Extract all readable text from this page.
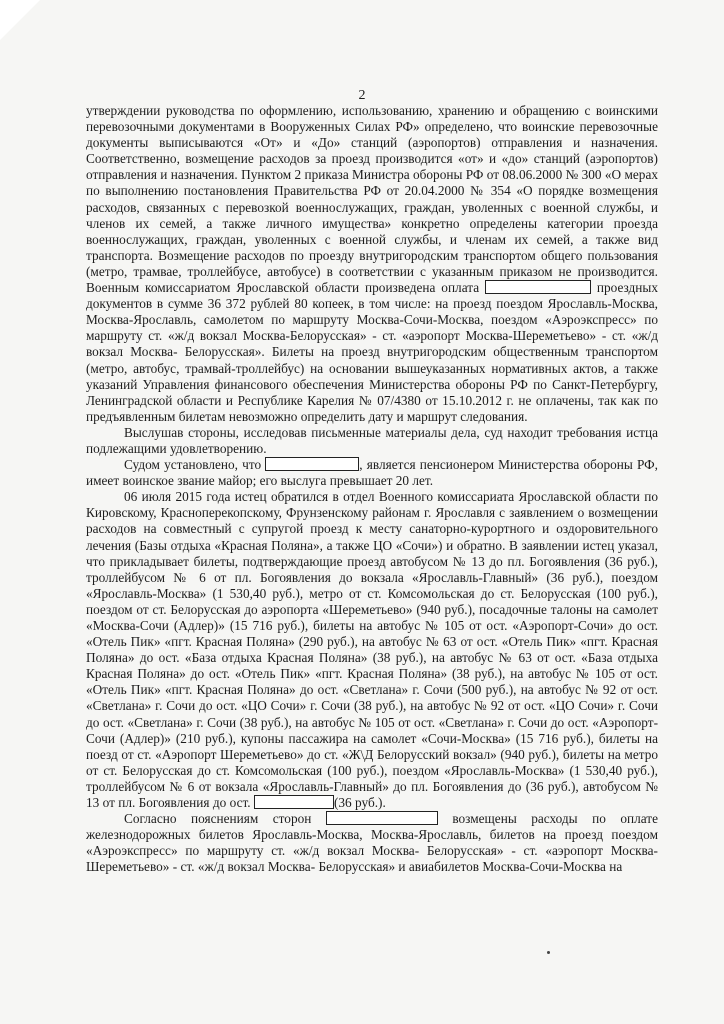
2

утверждении руководства по оформлению, использованию, хранению и обращению с воинскими перевозочными документами в Вооруженных Силах РФ» определено, что воинские перевозочные документы выписываются «От» и «До» станций (аэропортов) отправления и назначения. Соответственно, возмещение расходов за проезд производится «от» и «до» станций (аэропортов) отправления и назначения. Пунктом 2 приказа Министра обороны РФ от 08.06.2000 № 300 «О мерах по выполнению постановления Правительства РФ от 20.04.2000 № 354 «О порядке возмещения расходов, связанных с перевозкой военнослужащих, граждан, уволенных с военной службы, и членов их семей, а также личного имущества» конкретно определены категории проезда военнослужащих, граждан, уволенных с военной службы, и членам их семей, а также вид транспорта. Возмещение расходов по проезду внутригородским транспортом общего пользования (метро, трамвае, троллейбусе, автобусе) в соответствии с указанным приказом не производится. Военным комиссариатом Ярославской области произведена оплата	проездных документов в сумме 36 372 рублей 80 копеек, в том числе: на проезд поездом Ярославль-Москва, Москва-Ярославль, самолетом по маршруту Москва-Сочи-Москва, поездом «Аэроэкспресс» по маршруту ст. «ж/д вокзал Москва-Белорусская» - ст. «аэропорт Москва-Шереметьево» - ст. «ж/д вокзал Москва- Белорусская». Билеты на проезд внутригородским общественным транспортом (метро, автобус, трамвай-троллейбус) на основании вышеуказанных нормативных актов, а также указаний Управления финансового обеспечения Министерства обороны РФ по Санкт-Петербургу, Ленинградской области и Республике Карелия № 07/4380 от 15.10.2012 г. не оплачены, так как по предъявленным билетам невозможно определить дату и маршрут следования.

Выслушав стороны, исследовав письменные материалы дела, суд находит требования истца подлежащими удовлетворению.

Судом установлено, что	, является пенсионером Министерства обороны РФ, имеет воинское звание майор; его выслуга превышает 20 лет.

06 июля 2015 года истец обратился в отдел Военного комиссариата Ярославской области по Кировскому, Красноперекопскому, Фрунзенскому районам г. Ярославля с заявлением о возмещении расходов на совместный с супругой проезд к месту санаторно-курортного и оздоровительного лечения (Базы отдыха «Красная Поляна», а также ЦО «Сочи») и обратно. В заявлении истец указал, что прикладывает билеты, подтверждающие проезд автобусом № 13 до пл. Богоявления (36 руб.), троллейбусом № 6 от пл. Богоявления до вокзала «Ярославль-Главный» (36 руб.), поездом «Ярославль-Москва» (1 530,40 руб.), метро от ст. Комсомольская до ст. Белорусская (100 руб.), поездом от ст. Белорусская до аэропорта «Шереметьево» (940 руб.), посадочные талоны на самолет «Москва-Сочи (Адлер)» (15 716 руб.), билеты на автобус № 105 от ост. «Аэропорт-Сочи» до ост. «Отель Пик» «пгт. Красная Поляна» (290 руб.), на автобус № 63 от ост. «Отель Пик» «пгт. Красная Поляна» до ост. «База отдыха Красная Поляна» (38 руб.), на автобус № 63 от ост. «База отдыха Красная Поляна» до ост. «Отель Пик» «пгт. Красная Поляна» (38 руб.), на автобус № 105 от ост. «Отель Пик» «пгт. Красная Поляна» до ост. «Светлана» г. Сочи (500 руб.), на автобус № 92 от ост. «Светлана» г. Сочи до ост. «ЦО Сочи» г. Сочи (38 руб.), на автобус № 92 от ост. «ЦО Сочи» г. Сочи до ост. «Светлана» г. Сочи (38 руб.), на автобус № 105 от ост. «Светлана» г. Сочи до ост. «Аэропорт-Сочи (Адлер)» (210 руб.), купоны пассажира на самолет «Сочи-Москва» (15 716 руб.), билеты на поезд от ст. «Аэропорт Шереметьево» до ст. «Ж\Д Белорусский вокзал» (940 руб.), билеты на метро от ст. Белорусская до ст. Комсомольская (100 руб.), поездом «Ярославль-Москва» (1 530,40 руб.), троллейбусом № 6 от вокзала «Ярославль-Главный» до пл. Богоявления до (36 руб.), автобусом № 13 от пл. Богоявления до ост.	(36 руб.).

Согласно пояснениям сторон	возмещены расходы по оплате железнодорожных билетов Ярославль-Москва, Москва-Ярославль, билетов на проезд поездом «Аэроэкспресс» по маршруту ст. «ж/д вокзал Москва- Белорусская» - ст. «аэропорт Москва-Шереметьево» - ст. «ж/д вокзал Москва- Белорусская» и авиабилетов Москва-Сочи-Москва на
